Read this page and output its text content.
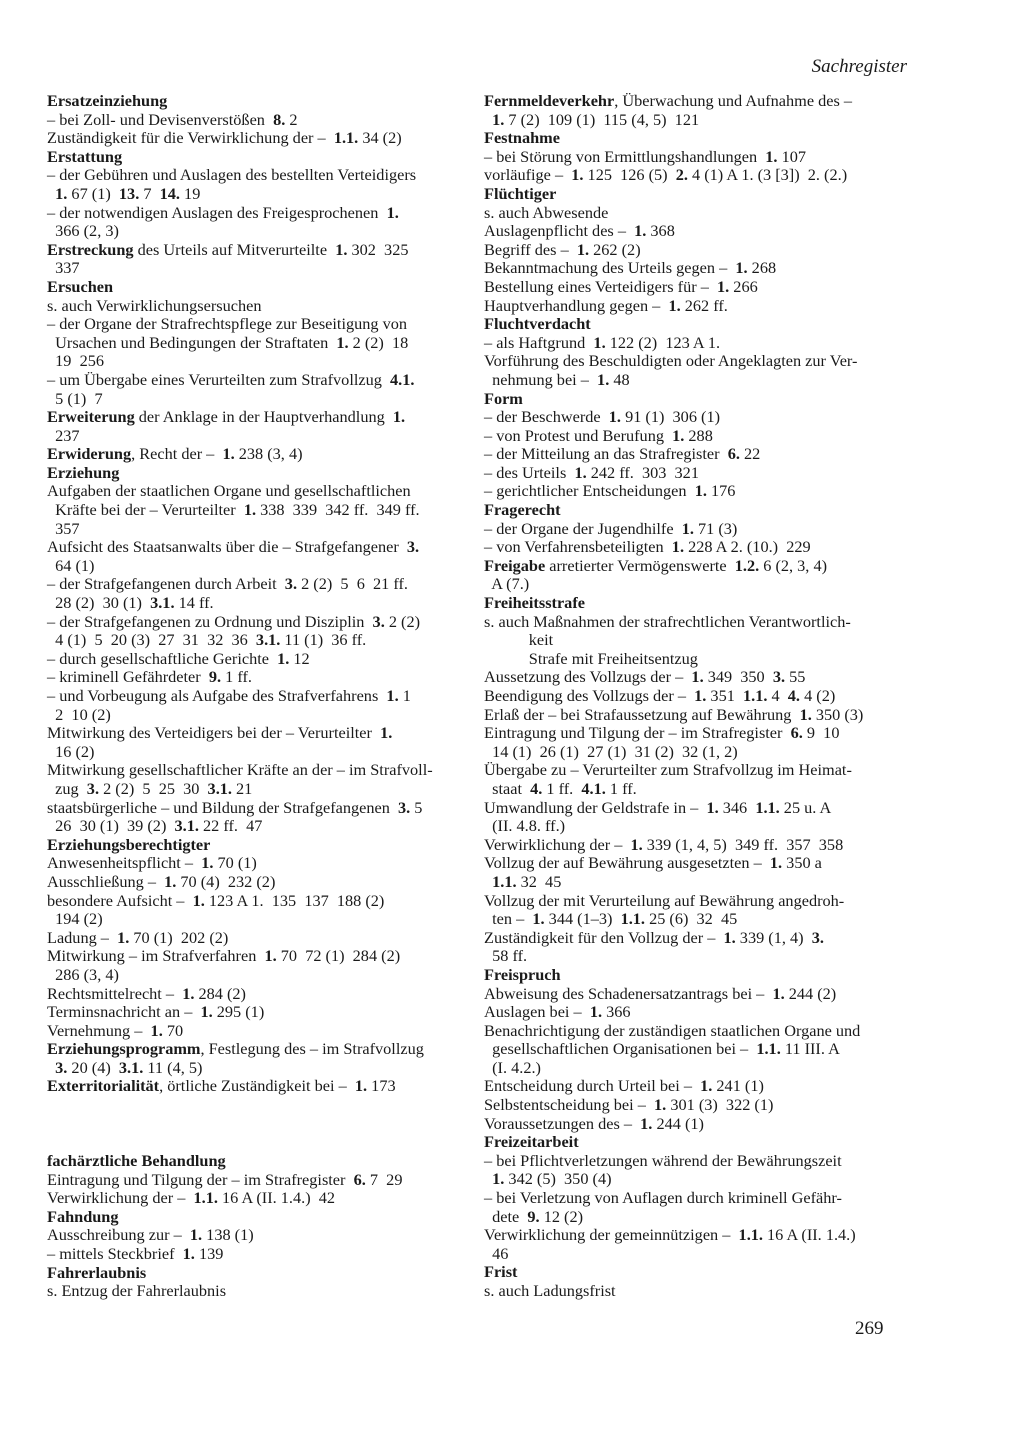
Sachregister
Ersatzeinziehung
– bei Zoll- und Devisenverstößen  8. 2
Zuständigkeit für die Verwirklichung der –  1.1. 34 (2)
Erstattung
– der Gebühren und Auslagen des bestellten Verteidigers
1. 67 (1)  13. 7  14. 19
– der notwendigen Auslagen des Freigesprochenen  1.
366 (2, 3)
Erstreckung des Urteils auf Mitverurteilte  1. 302  325
337
Ersuchen
s. auch Verwirklichungsersuchen
– der Organe der Strafrechtspflege zur Beseitigung von
Ursachen und Bedingungen der Straftaten  1. 2 (2)  18
19  256
– um Übergabe eines Verurteilten zum Strafvollzug  4.1.
5 (1)  7
Erweiterung der Anklage in der Hauptverhandlung  1.
237
Erwiderung, Recht der –  1. 238 (3, 4)
Erziehung
Aufgaben der staatlichen Organe und gesellschaftlichen
Kräfte bei der – Verurteilter  1. 338  339  342 ff.  349 ff.
357
Aufsicht des Staatsanwalts über die – Strafgefangener  3.
64 (1)
– der Strafgefangenen durch Arbeit  3. 2 (2)  5  6  21 ff.
28 (2)  30 (1)  3.1. 14 ff.
– der Strafgefangenen zu Ordnung und Disziplin  3. 2 (2)
4 (1)  5  20 (3)  27  31  32  36  3.1. 11 (1)  36 ff.
– durch gesellschaftliche Gerichte  1. 12
– kriminell Gefährdeter  9. 1 ff.
– und Vorbeugung als Aufgabe des Strafverfahrens  1. 1
2  10 (2)
Mitwirkung des Verteidigers bei der – Verurteilter  1.
16 (2)
Mitwirkung gesellschaftlicher Kräfte an der – im Strafvoll-
zug  3. 2 (2)  5  25  30  3.1. 21
staatsbürgerliche – und Bildung der Strafgefangenen  3. 5
26  30 (1)  39 (2)  3.1. 22 ff.  47
Erziehungsberechtigter
Anwesenheitspflicht –  1. 70 (1)
Ausschließung –  1. 70 (4)  232 (2)
besondere Aufsicht –  1. 123 A 1.  135  137  188 (2)
194 (2)
Ladung –  1. 70 (1)  202 (2)
Mitwirkung – im Strafverfahren  1. 70  72 (1)  284 (2)
286 (3, 4)
Rechtsmittelrecht –  1. 284 (2)
Terminsnachricht an –  1. 295 (1)
Vernehmung –  1. 70
Erziehungsprogramm, Festlegung des – im Strafvollzug
3. 20 (4)  3.1. 11 (4, 5)
Exterritorialität, örtliche Zuständigkeit bei –  1. 173
fachärztliche Behandlung
Eintragung und Tilgung der – im Strafregister  6. 7  29
Verwirklichung der –  1.1. 16 A (II. 1.4.)  42
Fahndung
Ausschreibung zur –  1. 138 (1)
– mittels Steckbrief  1. 139
Fahrerlaubnis
s. Entzug der Fahrerlaubnis
Fernmeldeverkehr, Überwachung und Aufnahme des –
1. 7 (2)  109 (1)  115 (4, 5)  121
Festnahme
– bei Störung von Ermittlungshandlungen  1. 107
vorläufige –  1. 125  126 (5)  2. 4 (1) A 1. (3 [3])  2. (2.)
Flüchtiger
s. auch Abwesende
Auslagenpflicht des –  1. 368
Begriff des –  1. 262 (2)
Bekanntmachung des Urteils gegen –  1. 268
Bestellung eines Verteidigers für –  1. 266
Hauptverhandlung gegen –  1. 262 ff.
Fluchtverdacht
– als Haftgrund  1. 122 (2)  123 A 1.
Vorführung des Beschuldigten oder Angeklagten zur Ver-
nehmung bei –  1. 48
Form
– der Beschwerde  1. 91 (1)  306 (1)
– von Protest und Berufung  1. 288
– der Mitteilung an das Strafregister  6. 22
– des Urteils  1. 242 ff.  303  321
– gerichtlicher Entscheidungen  1. 176
Fragerecht
– der Organe der Jugendhilfe  1. 71 (3)
– von Verfahrensbeteiligten  1. 228 A 2. (10.)  229
Freigabe arretierter Vermögenswerte  1.2. 6 (2, 3, 4)
A (7.)
Freiheitsstrafe
s. auch Maßnahmen der strafrechtlichen Verantwortlich-
keit
Strafe mit Freiheitsentzug
Aussetzung des Vollzugs der –  1. 349  350  3. 55
Beendigung des Vollzugs der –  1. 351  1.1. 4  4. 4 (2)
Erlaß der – bei Strafaussetzung auf Bewährung  1. 350 (3)
Eintragung und Tilgung der – im Strafregister  6. 9  10
14 (1)  26 (1)  27 (1)  31 (2)  32 (1, 2)
Übergabe zu – Verurteilter zum Strafvollzug im Heimat-
staat  4. 1 ff.  4.1. 1 ff.
Umwandlung der Geldstrafe in –  1. 346  1.1. 25 u. A
(II. 4.8. ff.)
Verwirklichung der –  1. 339 (1, 4, 5)  349 ff.  357  358
Vollzug der auf Bewährung ausgesetzten –  1. 350 a
1.1. 32  45
Vollzug der mit Verurteilung auf Bewährung angedroh-
ten –  1. 344 (1–3)  1.1. 25 (6)  32  45
Zuständigkeit für den Vollzug der –  1. 339 (1, 4)  3.
58 ff.
Freispruch
Abweisung des Schadenersatzantrags bei –  1. 244 (2)
Auslagen bei –  1. 366
Benachrichtigung der zuständigen staatlichen Organe und
gesellschaftlichen Organisationen bei –  1.1. 11 III. A
(I. 4.2.)
Entscheidung durch Urteil bei –  1. 241 (1)
Selbstentscheidung bei –  1. 301 (3)  322 (1)
Voraussetzungen des –  1. 244 (1)
Freizeitarbeit
– bei Pflichtverletzungen während der Bewährungszeit
1. 342 (5)  350 (4)
– bei Verletzung von Auflagen durch kriminell Gefähr-
dete  9. 12 (2)
Verwirklichung der gemeinnützigen –  1.1. 16 A (II. 1.4.)
46
Frist
s. auch Ladungsfrist
269
